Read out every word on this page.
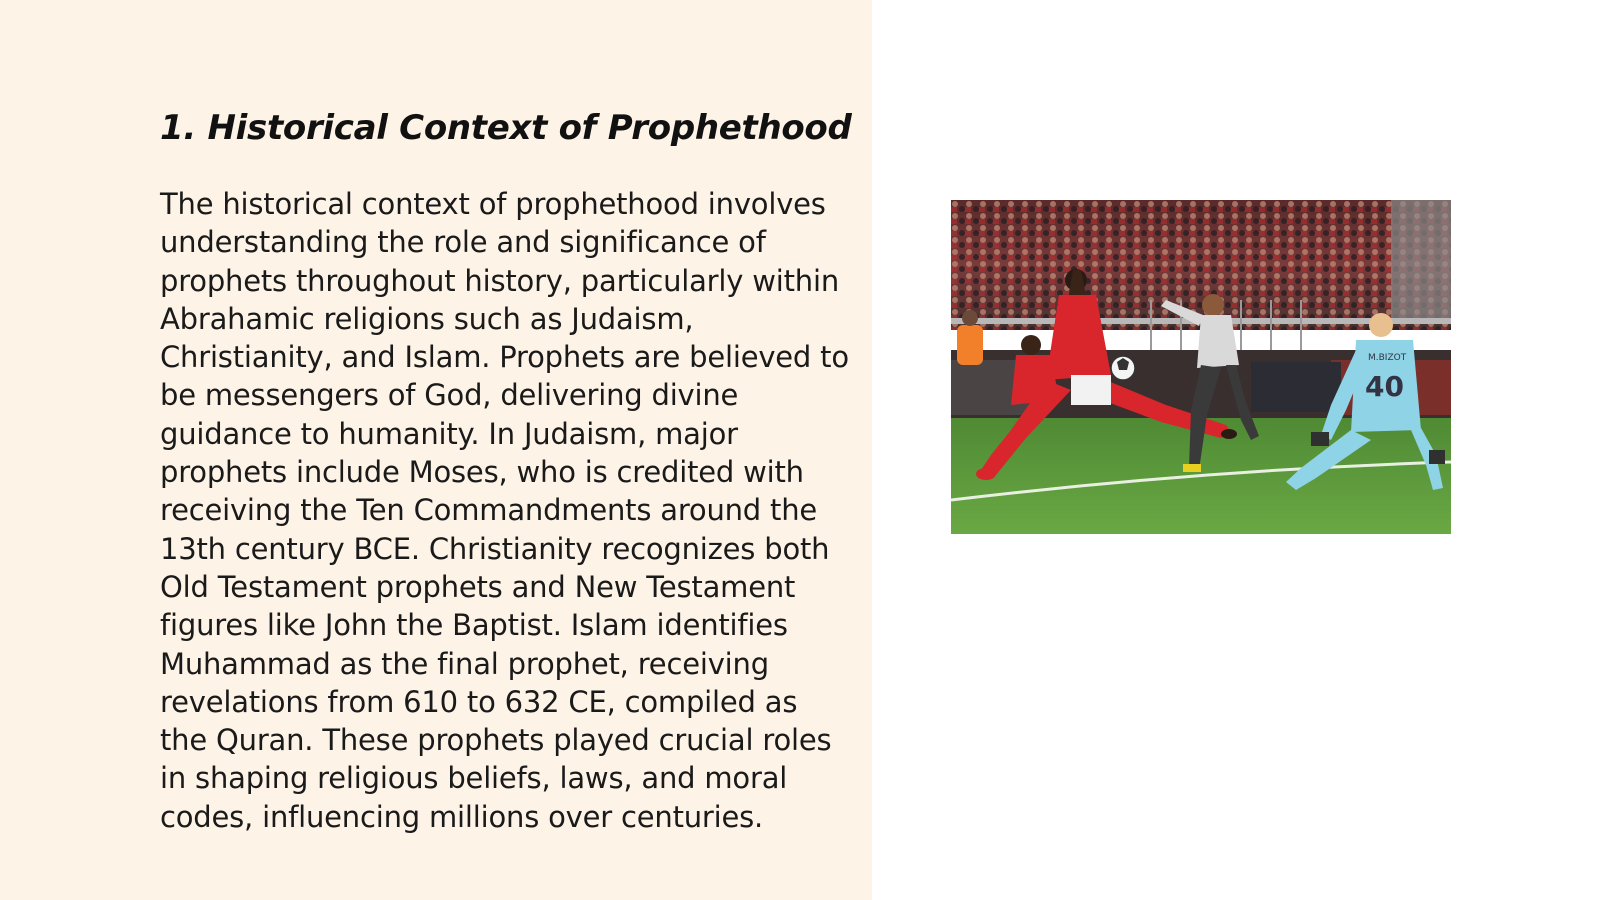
1. Historical Context of Prophethood

The historical context of prophethood involves understanding the role and significance of prophets throughout history, particularly within Abrahamic religions such as Judaism, Christianity, and Islam. Prophets are believed to be messengers of God, delivering divine guidance to humanity. In Judaism, major prophets include Moses, who is credited with receiving the Ten Commandments around the 13th century BCE. Christianity recognizes both Old Testament prophets and New Testament figures like John the Baptist. Islam identifies Muhammad as the final prophet, receiving revelations from 610 to 632 CE, compiled as the Quran. These prophets played crucial roles in shaping religious beliefs, laws, and moral codes, influencing millions over centuries.

M.BIZOT
40
